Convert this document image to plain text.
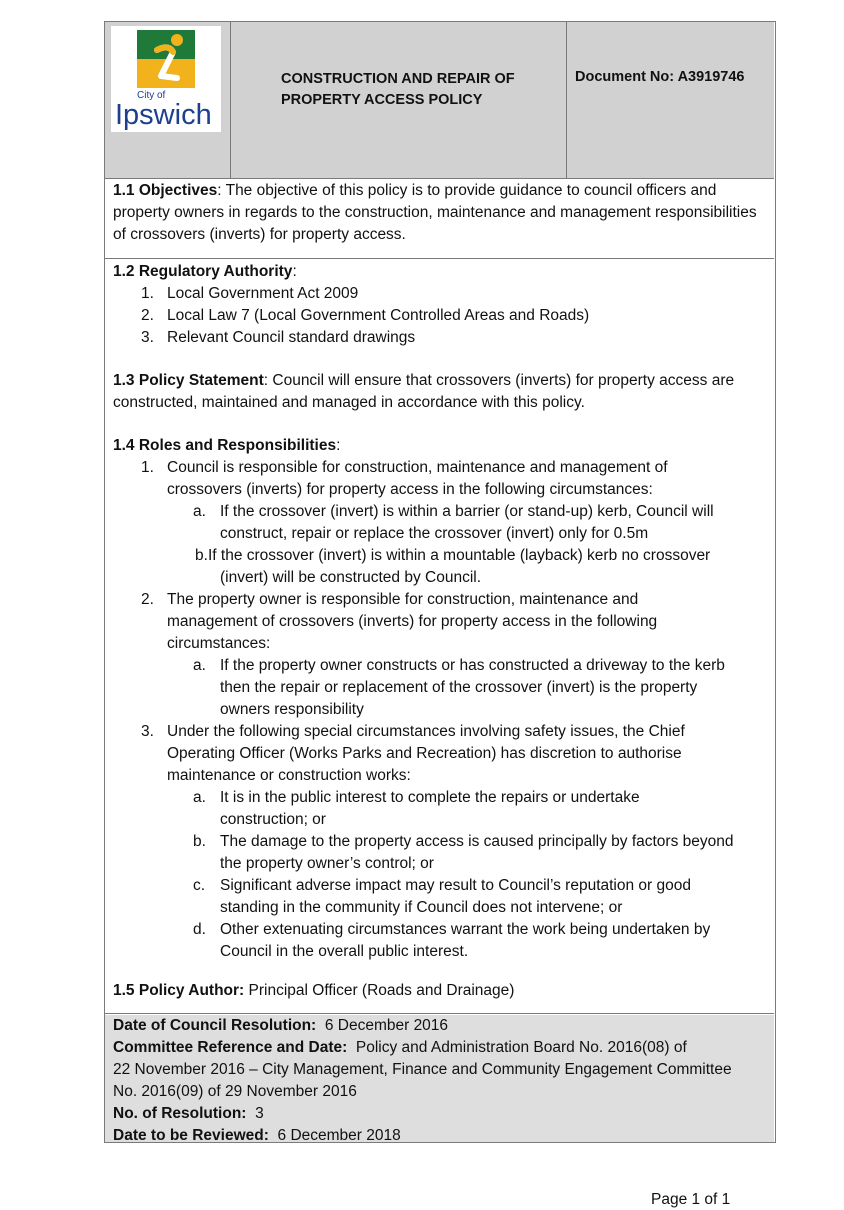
City of
Ipswich
CONSTRUCTION AND REPAIR OF PROPERTY ACCESS POLICY
Document No: A3919746
1.1 Objectives: The objective of this policy is to provide guidance to council officers and property owners in regards to the construction, maintenance and management responsibilities of crossovers (inverts) for property access.
1.2 Regulatory Authority:
1. Local Government Act 2009
2. Local Law 7 (Local Government Controlled Areas and Roads)
3. Relevant Council standard drawings
1.3 Policy Statement: Council will ensure that crossovers (inverts) for property access are constructed, maintained and managed in accordance with this policy.
1.4 Roles and Responsibilities:
1. Council is responsible for construction, maintenance and management of
crossovers (inverts) for property access in the following circumstances:
a. If the crossover (invert) is within a barrier (or stand-up) kerb, Council will
construct, repair or replace the crossover (invert) only for 0.5m
b. If the crossover (invert) is within a mountable (layback) kerb no crossover
(invert) will be constructed by Council.
2. The property owner is responsible for construction, maintenance and
management of crossovers (inverts) for property access in the following
circumstances:
a. If the property owner constructs or has constructed a driveway to the kerb
then the repair or replacement of the crossover (invert) is the property
owners responsibility
3. Under the following special circumstances involving safety issues, the Chief
Operating Officer (Works Parks and Recreation) has discretion to authorise
maintenance or construction works:
a. It is in the public interest to complete the repairs or undertake
construction; or
b. The damage to the property access is caused principally by factors beyond
the property owner’s control; or
c. Significant adverse impact may result to Council’s reputation or good
standing in the community if Council does not intervene; or
d. Other extenuating circumstances warrant the work being undertaken by
Council in the overall public interest.
1.5 Policy Author: Principal Officer (Roads and Drainage)
Date of Council Resolution:  6 December 2016
Committee Reference and Date:  Policy and Administration Board No. 2016(08) of
22 November 2016 – City Management, Finance and Community Engagement Committee
No. 2016(09) of 29 November 2016
No. of Resolution:  3
Date to be Reviewed:  6 December 2018
Page 1 of 1
